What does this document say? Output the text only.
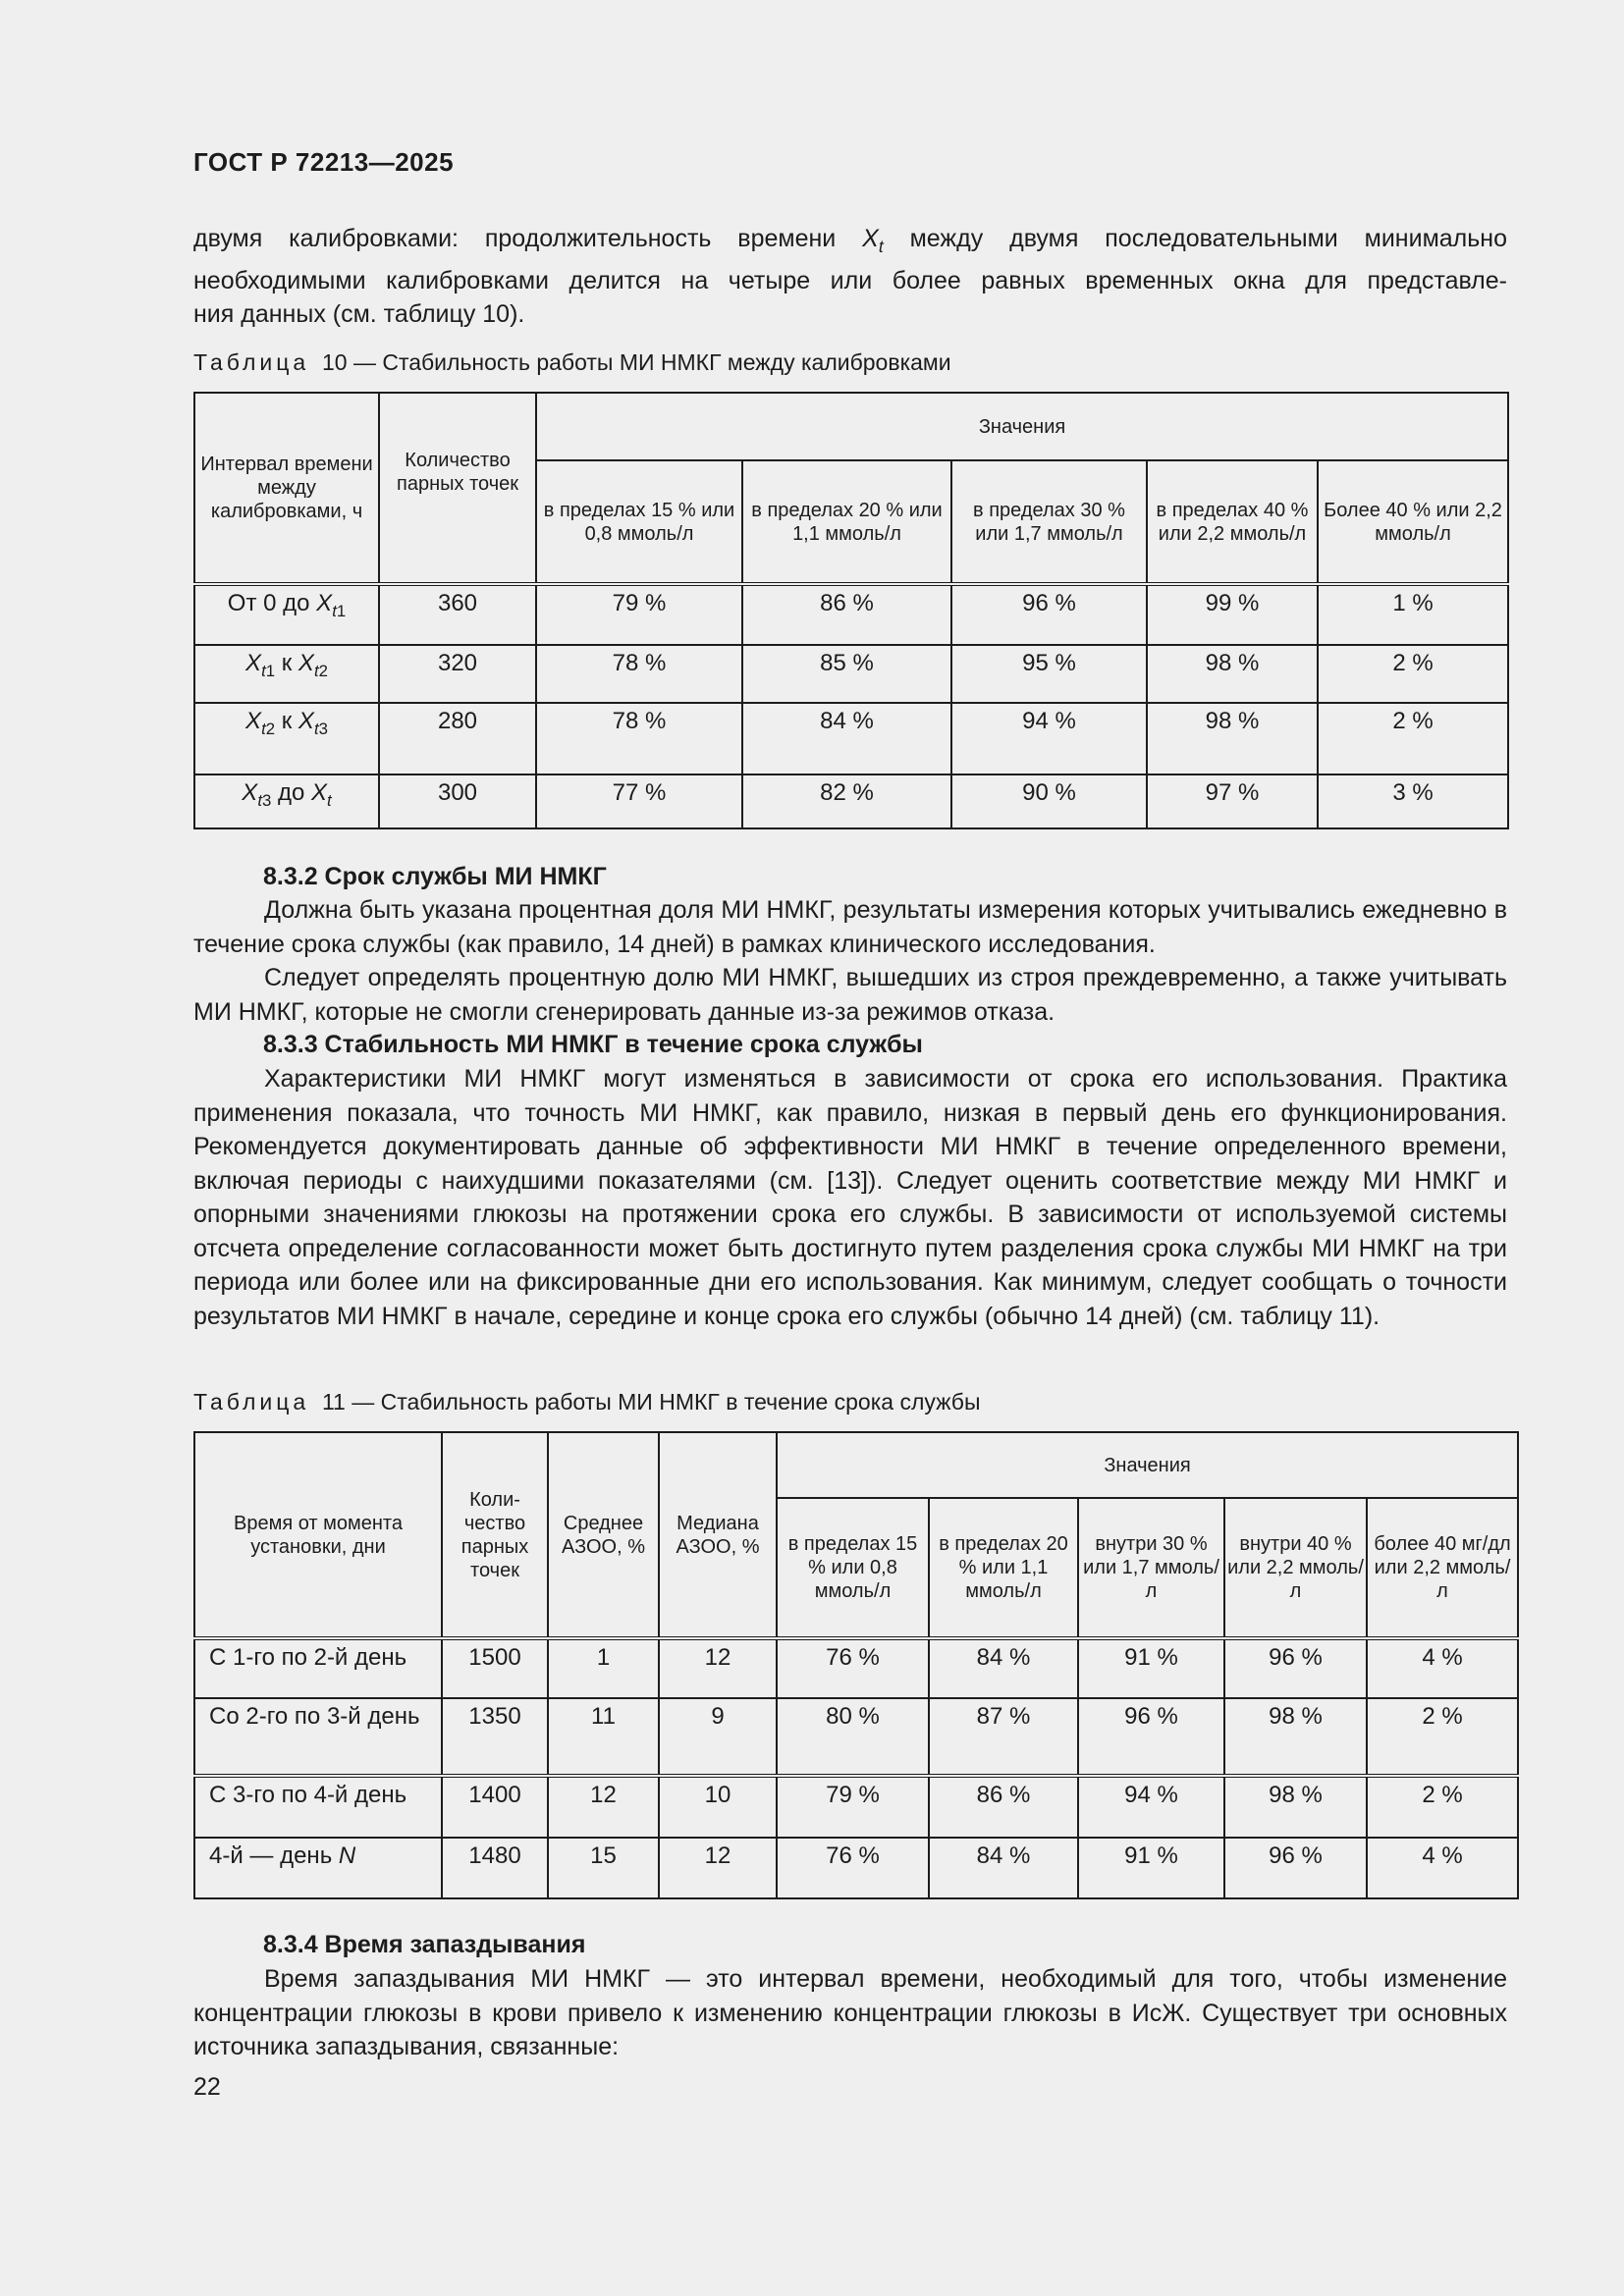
ГОСТ Р 72213—2025
двумя калибровками: продолжительность времени $X_t$ между двумя последовательными минимально
необходимыми калибровками делится на четыре или более равных временных окна для представле-
ния данных (см. таблицу 10).
Таблица 10 — Стабильность работы МИ НМКГ между калибровками
Интервал времени между калибровками, ч	Количество парных точек	Значения				
		в пределах 15 % или 0,8 ммоль/л	в пределах 20 % или 1,1 ммоль/л	в пределах 30 % или 1,7 ммоль/л	в пределах 40 % или 2,2 ммоль/л	Более 40 % или 2,2 ммоль/л
От 0 до $X_{t1}$	360	79 %	86 %	96 %	99 %	1 %
$X_{t1}$ к $X_{t2}$	320	78 %	85 %	95 %	98 %	2 %
$X_{t2}$ к $X_{t3}$	280	78 %	84 %	94 %	98 %	2 %
$X_{t3}$ до $X_t$	300	77 %	82 %	90 %	97 %	3 %
8.3.2 Срок службы МИ НМКГ

Должна быть указана процентная доля МИ НМКГ, результаты измерения которых учитывались ежедневно в течение срока службы (как правило, 14 дней) в рамках клинического исследования.

Следует определять процентную долю МИ НМКГ, вышедших из строя преждевременно, а также учитывать МИ НМКГ, которые не смогли сгенерировать данные из-за режимов отказа.

8.3.3 Стабильность МИ НМКГ в течение срока службы

Характеристики МИ НМКГ могут изменяться в зависимости от срока его использования. Практика применения показала, что точность МИ НМКГ, как правило, низкая в первый день его функционирования. Рекомендуется документировать данные об эффективности МИ НМКГ в течение определенного времени, включая периоды с наихудшими показателями (см. [13]). Следует оценить соответствие между МИ НМКГ и опорными значениями глюкозы на протяжении срока его службы. В зависимости от используемой системы отсчета определение согласованности может быть достигнуто путем разделения срока службы МИ НМКГ на три периода или более или на фиксированные дни его использования. Как минимум, следует сообщать о точности результатов МИ НМКГ в начале, середине и конце срока его службы (обычно 14 дней) (см. таблицу 11).

Таблица 11 — Стабильность работы МИ НМКГ в течение срока службы
Время от момента установки, дни	Коли-чество парных точек	Среднее АЗОО, %	Медиана АЗОО, %	Значения				
				в пределах 15 % или 0,8 ммоль/л	в пределах 20 % или 1,1 ммоль/л	внутри 30 % или 1,7 ммоль/л	внутри 40 % или 2,2 ммоль/л	более 40 мг/дл или 2,2 ммоль/л
С 1-го по 2-й день	1500	1	12	76 %	84 %	91 %	96 %	4 %
Со 2-го по 3-й день	1350	11	9	80 %	87 %	96 %	98 %	2 %
С 3-го по 4-й день	1400	12	10	79 %	86 %	94 %	98 %	2 %
4-й — день N	1480	15	12	76 %	84 %	91 %	96 %	4 %
8.3.4 Время запаздывания

Время запаздывания МИ НМКГ — это интервал времени, необходимый для того, чтобы изменение концентрации глюкозы в крови привело к изменению концентрации глюкозы в ИсЖ. Существует три основных источника запаздывания, связанные:

22
